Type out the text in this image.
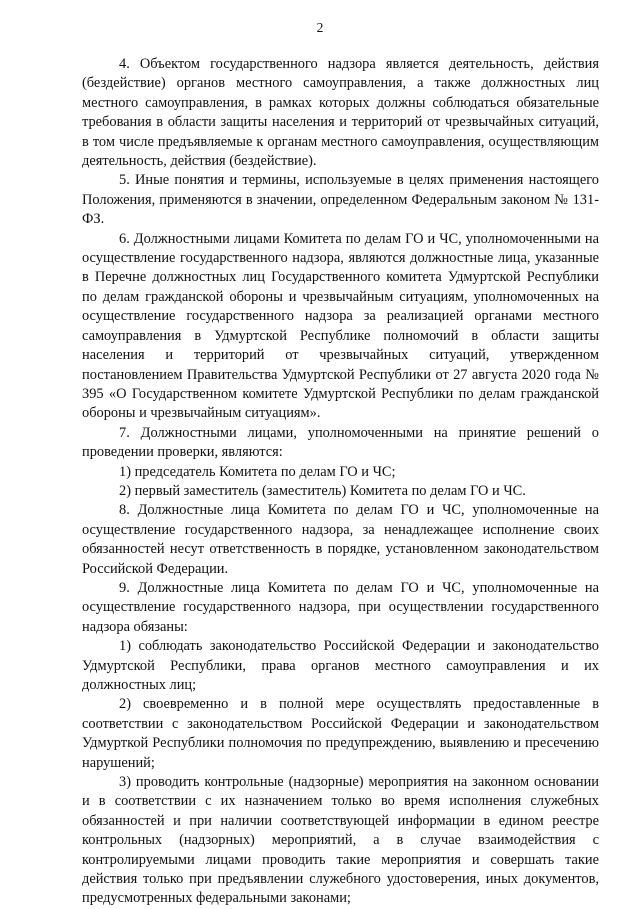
2

4. Объектом государственного надзора является деятельность, действия (бездействие) органов местного самоуправления, а также должностных лиц местного самоуправления, в рамках которых должны соблюдаться обязательные требования в области защиты населения и территорий от чрезвычайных ситуаций, в том числе предъявляемые к органам местного самоуправления, осуществляющим деятельность, действия (бездействие).

5. Иные понятия и термины, используемые в целях применения настоящего Положения, применяются в значении, определенном Федеральным законом № 131-ФЗ.

6. Должностными лицами Комитета по делам ГО и ЧС, уполномоченными на осуществление государственного надзора, являются должностные лица, указанные в Перечне должностных лиц Государственного комитета Удмуртской Республики по делам гражданской обороны и чрезвычайным ситуациям, уполномоченных на осуществление государственного надзора за реализацией органами местного самоуправления в Удмуртской Республике полномочий в области защиты населения и территорий от чрезвычайных ситуаций, утвержденном постановлением Правительства Удмуртской Республики от 27 августа 2020 года № 395 «О Государственном комитете Удмуртской Республики по делам гражданской обороны и чрезвычайным ситуациям».

7. Должностными лицами, уполномоченными на принятие решений о проведении проверки, являются:

1) председатель Комитета по делам ГО и ЧС;

2) первый заместитель (заместитель) Комитета по делам ГО и ЧС.

8. Должностные лица Комитета по делам ГО и ЧС, уполномоченные на осуществление государственного надзора, за ненадлежащее исполнение своих обязанностей несут ответственность в порядке, установленном законодательством Российской Федерации.

9. Должностные лица Комитета по делам ГО и ЧС, уполномоченные на осуществление государственного надзора, при осуществлении государственного надзора обязаны:

1) соблюдать законодательство Российской Федерации и законодательство Удмуртской Республики, права органов местного самоуправления и их должностных лиц;

2) своевременно и в полной мере осуществлять предоставленные в соответствии с законодательством Российской Федерации и законодательством Удмурткой Республики полномочия по предупреждению, выявлению и пресечению нарушений;

3) проводить контрольные (надзорные) мероприятия на законном основании и в соответствии с их назначением только во время исполнения служебных обязанностей и при наличии соответствующей информации в едином реестре контрольных (надзорных) мероприятий, а в случае взаимодействия с контролируемыми лицами проводить такие мероприятия и совершать такие действия только при предъявлении служебного удостоверения, иных документов, предусмотренных федеральными законами;
